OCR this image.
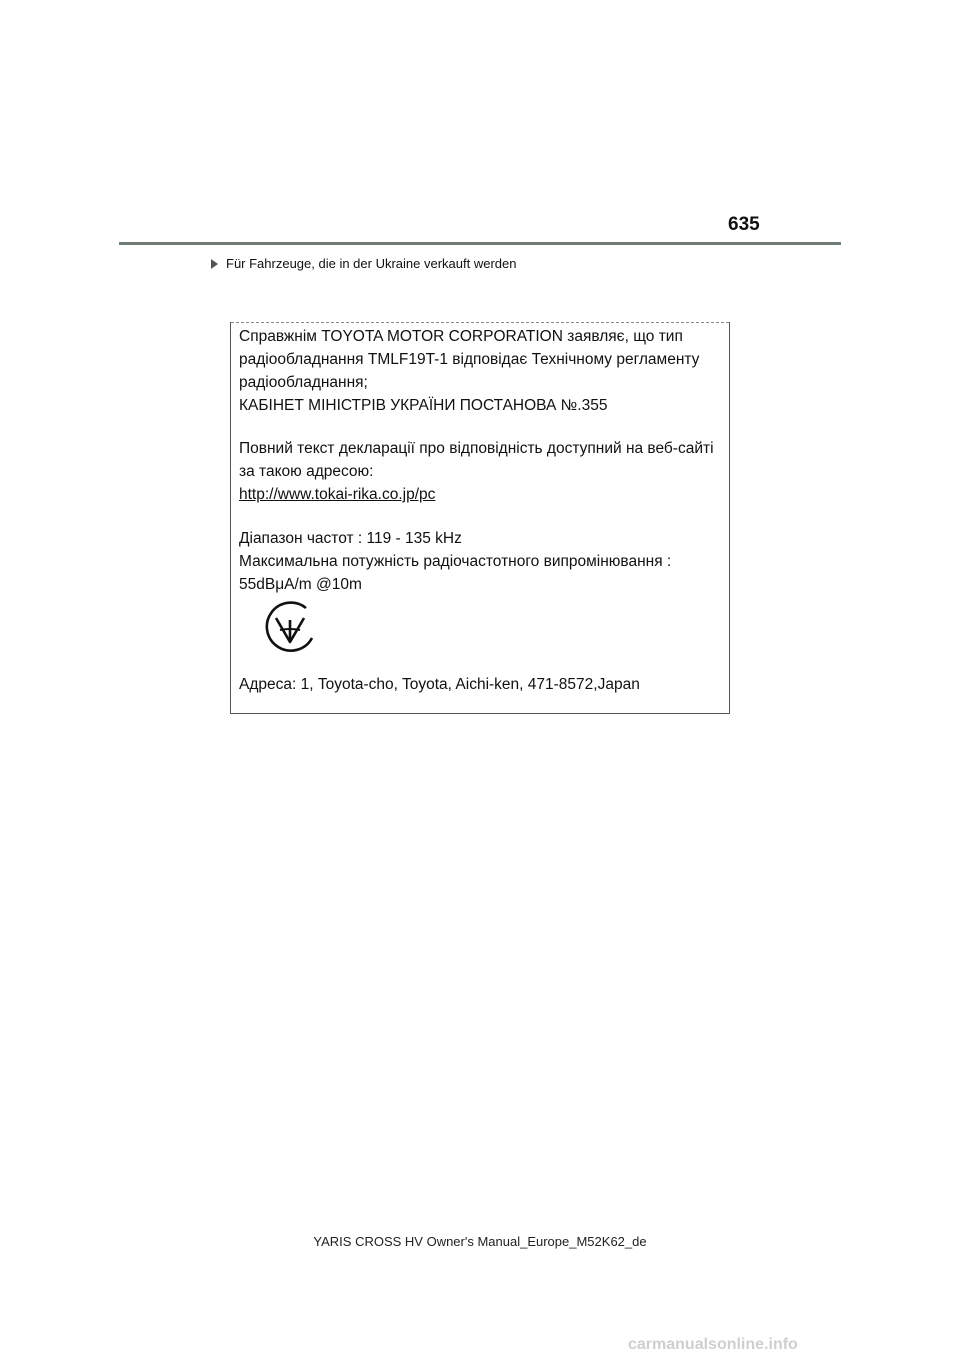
635
Für Fahrzeuge, die in der Ukraine verkauft werden
Справжнім TOYOTA MOTOR CORPORATION заявляє, що тип
радіообладнання TMLF19T-1 відповідає Технічному регламенту
радіообладнання;
КАБІНЕТ МІНІСТРІВ УКРАЇНИ ПОСТАНОВА №.355
Повний текст декларації про відповідність доступний на веб-сайті
за такою адресою:
http://www.tokai-rika.co.jp/pc
Діапазон частот : 119 - 135 kHz
Максимальна потужність радіочастотного випромінювання :
55dBμA/m @10m
Адреса: 1, Toyota-cho, Toyota, Aichi-ken, 471-8572,Japan
YARIS CROSS HV Owner's Manual_Europe_M52K62_de
carmanualsonline.info
